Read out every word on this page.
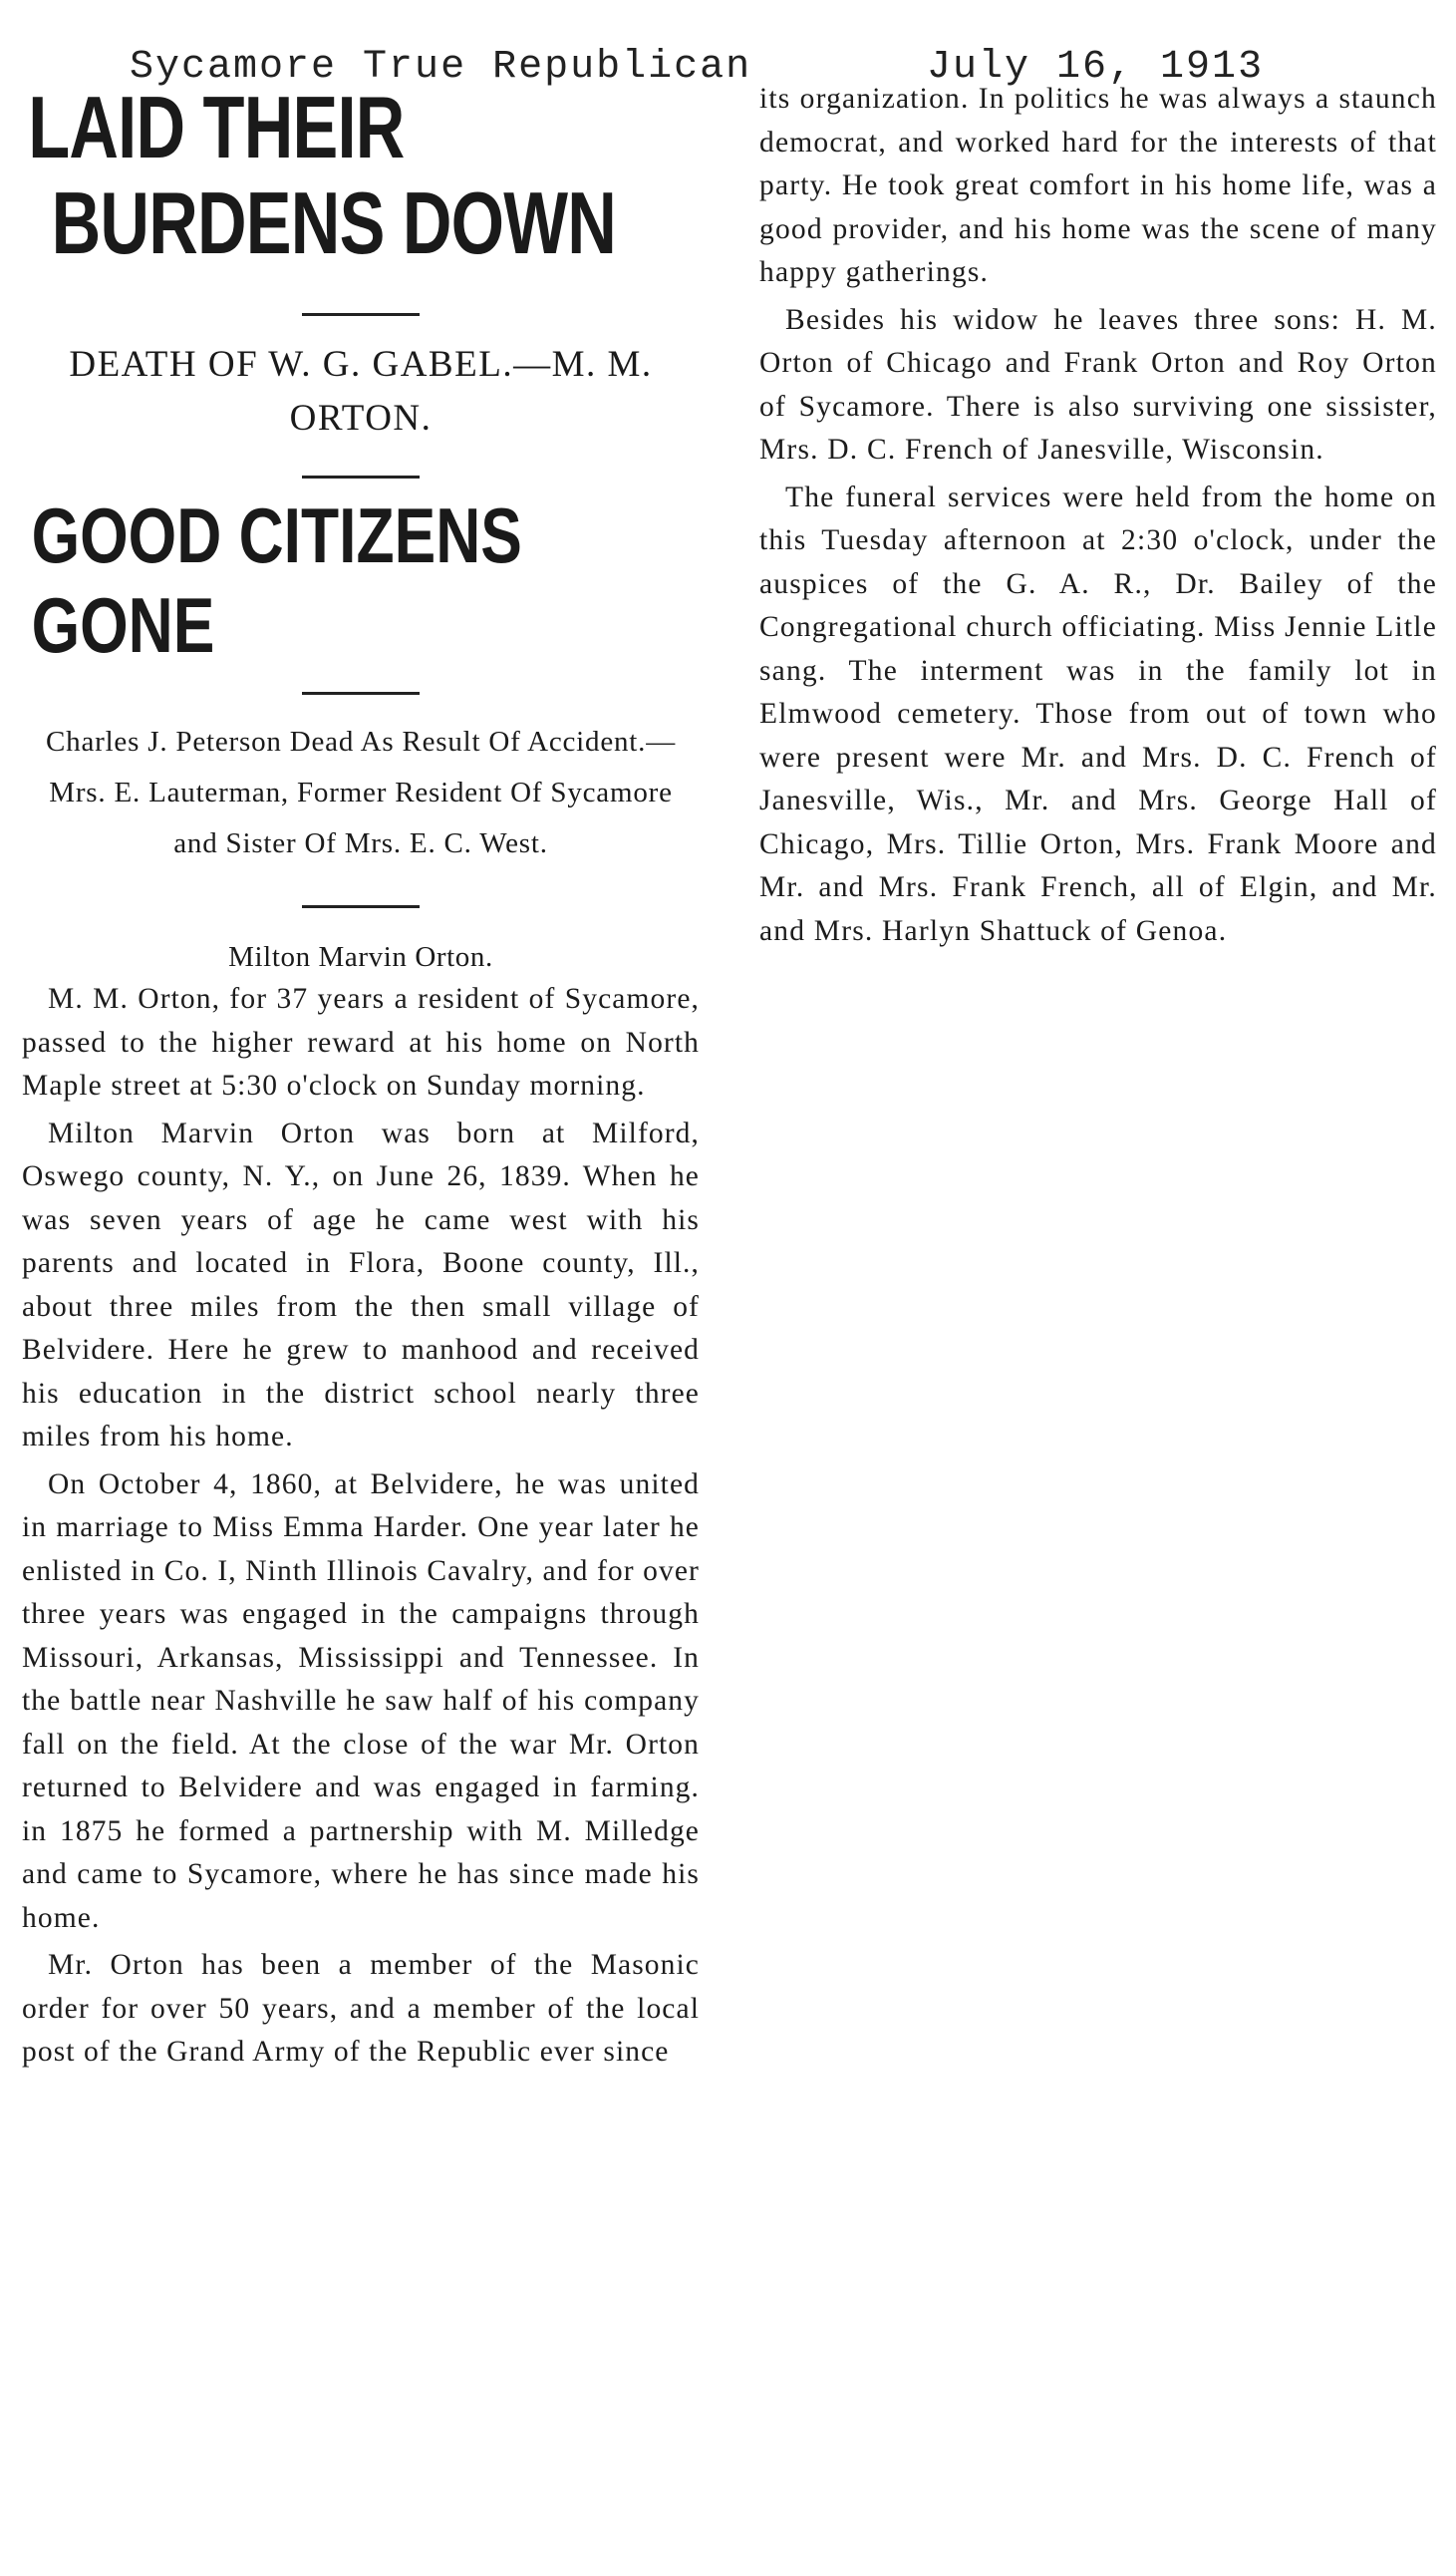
Sycamore True Republican	July 16, 1913

LAID THEIR
BURDENS DOWN

DEATH OF W. G. GABEL.—M. M. ORTON.

GOOD CITIZENS GONE

Charles J. Peterson Dead As Result Of Accident.—Mrs. E. Lauterman, Former Resident Of Sycamore and Sister Of Mrs. E. C. West.

Milton Marvin Orton.

M. M. Orton, for 37 years a resident of Sycamore, passed to the higher reward at his home on North Maple street at 5:30 o'clock on Sunday morning.

Milton Marvin Orton was born at Milford, Oswego county, N. Y., on June 26, 1839. When he was seven years of age he came west with his parents and located in Flora, Boone county, Ill., about three miles from the then small village of Belvidere. Here he grew to manhood and received his education in the district school nearly three miles from his home.

On October 4, 1860, at Belvidere, he was united in marriage to Miss Emma Harder. One year later he enlisted in Co. I, Ninth Illinois Cavalry, and for over three years was engaged in the campaigns through Missouri, Arkansas, Mississippi and Tennessee. In the battle near Nashville he saw half of his company fall on the field. At the close of the war Mr. Orton returned to Belvidere and was engaged in farming. in 1875 he formed a partnership with M. Milledge and came to Sycamore, where he has since made his home.

Mr. Orton has been a member of the Masonic order for over 50 years, and a member of the local post of the Grand Army of the Republic ever since

its organization. In politics he was always a staunch democrat, and worked hard for the interests of that party. He took great comfort in his home life, was a good provider, and his home was the scene of many happy gatherings.

Besides his widow he leaves three sons: H. M. Orton of Chicago and Frank Orton and Roy Orton of Sycamore. There is also surviving one sissister, Mrs. D. C. French of Janesville, Wisconsin.

The funeral services were held from the home on this Tuesday afternoon at 2:30 o'clock, under the auspices of the G. A. R., Dr. Bailey of the Congregational church officiating. Miss Jennie Litle sang. The interment was in the family lot in Elmwood cemetery. Those from out of town who were present were Mr. and Mrs. D. C. French of Janesville, Wis., Mr. and Mrs. George Hall of Chicago, Mrs. Tillie Orton, Mrs. Frank Moore and Mr. and Mrs. Frank French, all of Elgin, and Mr. and Mrs. Harlyn Shattuck of Genoa.
